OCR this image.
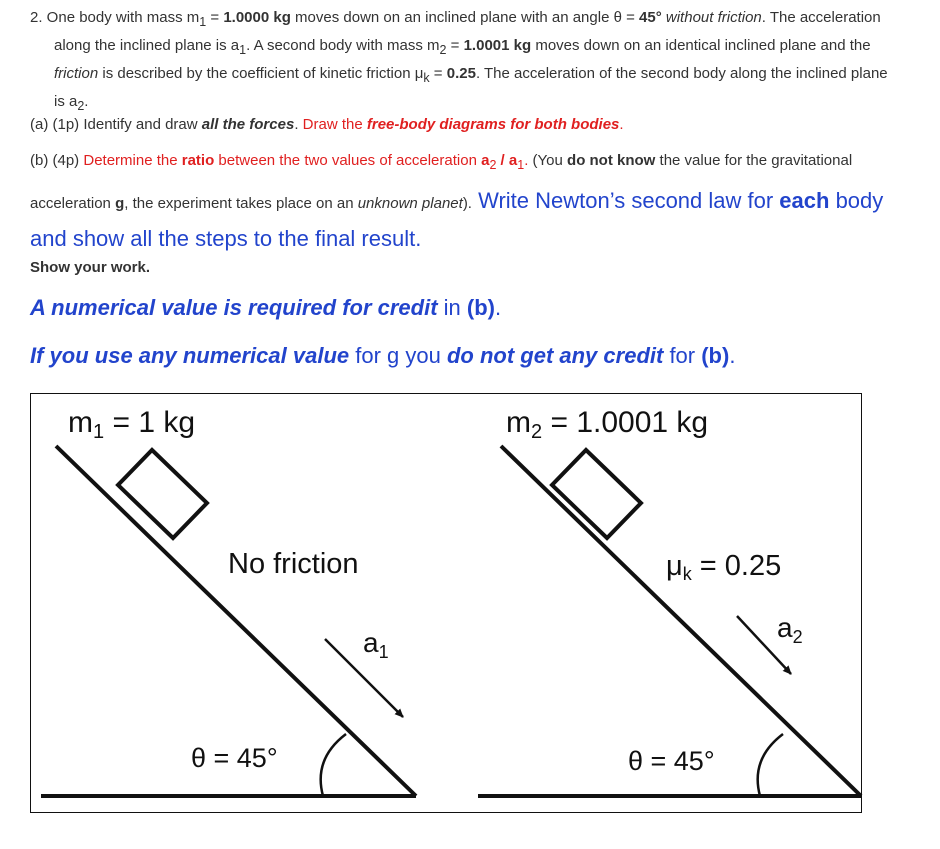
2. One body with mass $m_1 = 1.0000$ kg moves down on an inclined plane with an angle θ = 45° without friction. The acceleration along the inclined plane is $a_1$. A second body with mass $m_2 = 1.0001$ kg moves down on an identical inclined plane and the friction is described by the coefficient of kinetic friction $\mu_k = 0.25$. The acceleration of the second body along the inclined plane is $a_2$.
(a) (1p) Identify and draw all the forces. Draw the free-body diagrams for both bodies.
(b) (4p) Determine the ratio between the two values of acceleration $a_2 / a_1$. (You do not know the value for the gravitational acceleration g, the experiment takes place on an unknown planet). Write Newton’s second law for each body and show all the steps to the final result.
Show your work.
A numerical value is required for credit in (b).
If you use any numerical value for g you do not get any credit for (b).
$m_1 = 1$ kg
No friction
$a_1$
θ = 45°
$m_2 = 1.0001$ kg
μk = 0.25
$a_2$
θ = 45°
